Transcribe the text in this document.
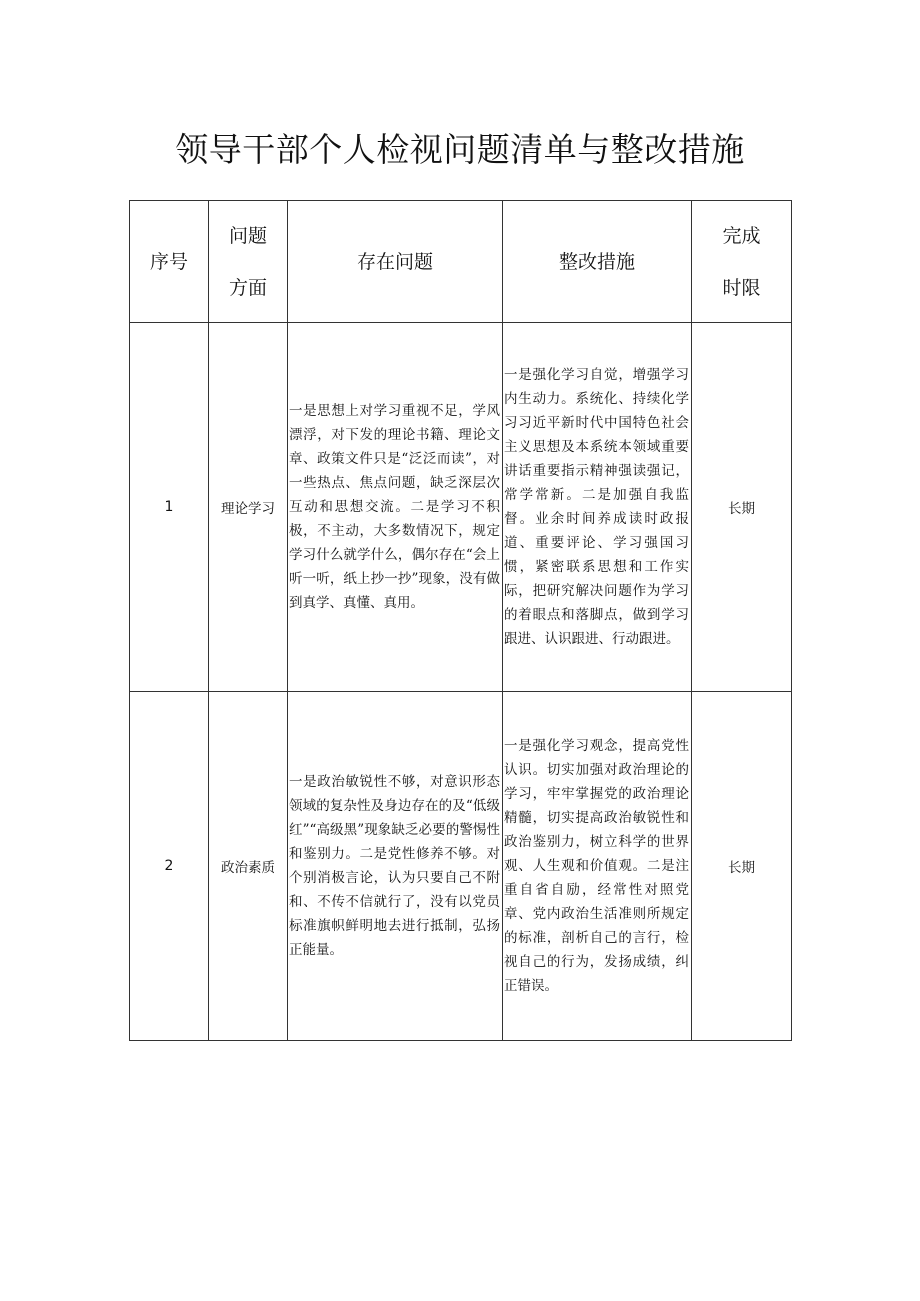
领导干部个人检视问题清单与整改措施
序号	问题方面	存在问题	整改措施	完成时限
1	理论学习	一是思想上对学习重视不足，学风漂浮，对下发的理论书籍、理论文章、政策文件只是“泛泛而读”，对一些热点、焦点问题，缺乏深层次互动和思想交流。二是学习不积极，不主动，大多数情况下，规定学习什么就学什么，偶尔存在“会上听一听，纸上抄一抄”现象，没有做到真学、真懂、真用。	一是强化学习自觉，增强学习内生动力。系统化、持续化学习习近平新时代中国特色社会主义思想及本系统本领域重要讲话重要指示精神强读强记，常学常新。二是加强自我监督。业余时间养成读时政报道、重要评论、学习强国习惯，紧密联系思想和工作实际，把研究解决问题作为学习的着眼点和落脚点，做到学习跟进、认识跟进、行动跟进。	长期
2	政治素质	一是政治敏锐性不够，对意识形态领域的复杂性及身边存在的及“低级红”“高级黑”现象缺乏必要的警惕性和鉴别力。二是党性修养不够。对个别消极言论，认为只要自己不附和、不传不信就行了，没有以党员标准旗帜鲜明地去进行抵制，弘扬正能量。	一是强化学习观念，提高党性认识。切实加强对政治理论的学习，牢牢掌握党的政治理论精髓，切实提高政治敏锐性和政治鉴别力，树立科学的世界观、人生观和价值观。二是注重自省自励，经常性对照党章、党内政治生活准则所规定的标准，剖析自己的言行，检视自己的行为，发扬成绩，纠正错误。	长期
